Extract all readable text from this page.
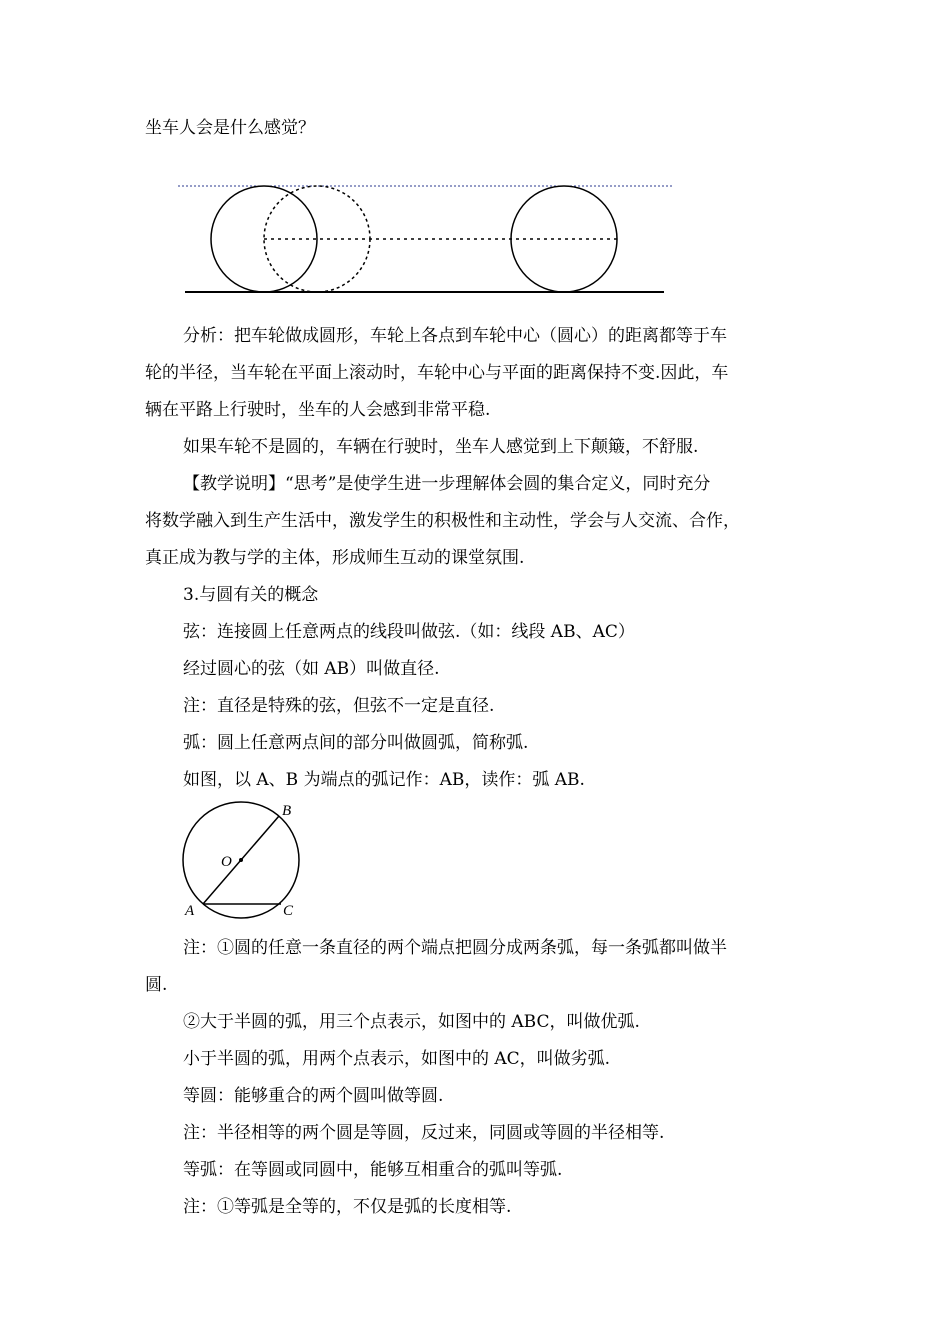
坐车人会是什么感觉？
分析：把车轮做成圆形，车轮上各点到车轮中心（圆心）的距离都等于车
轮的半径，当车轮在平面上滚动时，车轮中心与平面的距离保持不变.因此，车
辆在平路上行驶时，坐车的人会感到非常平稳.
如果车轮不是圆的，车辆在行驶时，坐车人感觉到上下颠簸，不舒服.
【教学说明】“思考”是使学生进一步理解体会圆的集合定义，同时充分
将数学融入到生产生活中，激发学生的积极性和主动性，学会与人交流、合作，
真正成为教与学的主体，形成师生互动的课堂氛围.
3.与圆有关的概念
弦：连接圆上任意两点的线段叫做弦.（如：线段 AB、AC）
经过圆心的弦（如 AB）叫做直径.
注：直径是特殊的弦，但弦不一定是直径.
弧：圆上任意两点间的部分叫做圆弧，简称弧.
如图，以 A、B 为端点的弧记作：AB，读作：弧 AB.
B
O
A	C
注：①圆的任意一条直径的两个端点把圆分成两条弧，每一条弧都叫做半
圆.
②大于半圆的弧，用三个点表示，如图中的 ABC，叫做优弧.
小于半圆的弧，用两个点表示，如图中的 AC，叫做劣弧.
等圆：能够重合的两个圆叫做等圆.
注：半径相等的两个圆是等圆，反过来，同圆或等圆的半径相等.
等弧：在等圆或同圆中，能够互相重合的弧叫等弧.
注：①等弧是全等的，不仅是弧的长度相等.
